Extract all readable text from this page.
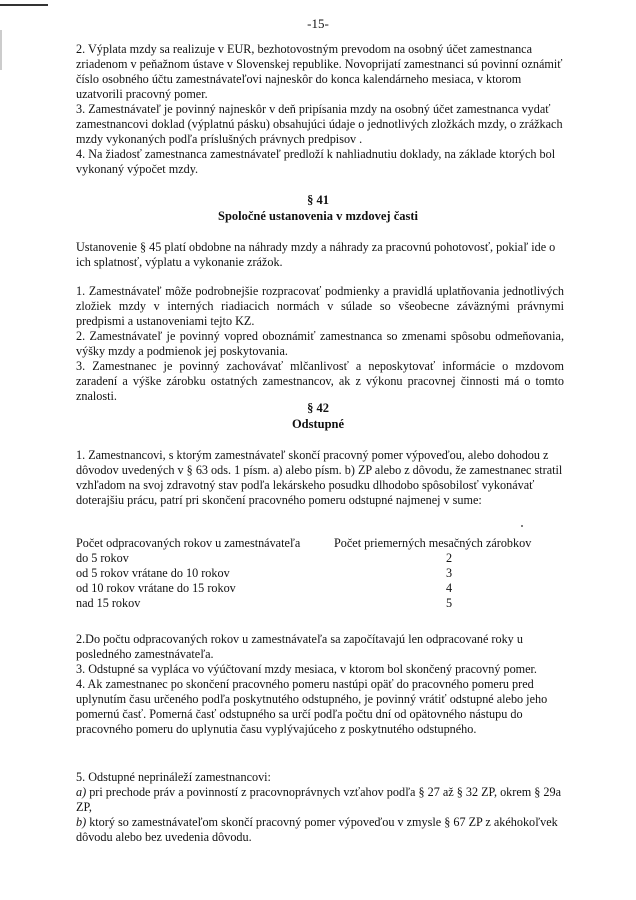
-15-

2. Výplata mzdy sa realizuje v EUR, bezhotovostným prevodom na osobný účet zamestnanca zriadenom v peňažnom ústave v Slovenskej republike. Novoprijatí zamestnanci sú povinní oznámiť číslo osobného účtu zamestnávateľovi najneskôr do konca kalendárneho mesiaca, v ktorom uzatvorili pracovný pomer.

3. Zamestnávateľ je povinný najneskôr v deň pripísania mzdy na osobný účet zamestnanca vydať zamestnancovi doklad (výplatnú pásku) obsahujúci údaje o jednotlivých zložkách mzdy, o zrážkach mzdy vykonaných podľa príslušných právnych predpisov .

4. Na žiadosť zamestnanca zamestnávateľ predloží k nahliadnutiu doklady, na základe ktorých bol vykonaný výpočet mzdy.

§ 41
Spoločné ustanovenia v mzdovej časti

Ustanovenie § 45 platí obdobne na náhrady mzdy a náhrady za pracovnú pohotovosť, pokiaľ ide o ich splatnosť, výplatu a vykonanie zrážok.

1. Zamestnávateľ môže podrobnejšie rozpracovať podmienky a pravidlá uplatňovania jednotlivých zložiek mzdy v interných riadiacich normách v súlade so všeobecne záväznými právnymi predpismi a ustanoveniami tejto KZ.

2. Zamestnávateľ je povinný vopred oboznámiť zamestnanca so zmenami spôsobu odmeňovania, výšky mzdy a podmienok jej poskytovania.

3. Zamestnanec je povinný zachovávať mlčanlivosť a neposkytovať informácie o mzdovom zaradení a výške zárobku ostatných zamestnancov, ak z výkonu pracovnej činnosti má o tomto znalosti.

§ 42
Odstupné

1. Zamestnancovi, s ktorým zamestnávateľ skončí pracovný pomer výpoveďou, alebo dohodou z dôvodov uvedených v § 63 ods. 1 písm. a) alebo písm. b) ZP alebo z dôvodu, že zamestnanec stratil vzhľadom na svoj zdravotný stav podľa lekárskeho posudku dlhodobo spôsobilosť vykonávať doterajšiu prácu, patrí pri skončení pracovného pomeru odstupné najmenej v sume:

Počet odpracovaných rokov u zamestnávateľa	Počet priemerných mesačných zárobkov
do 5 rokov	2
od 5 rokov vrátane do 10 rokov	3
od 10 rokov vrátane do 15 rokov	4
nad 15 rokov	5

2.Do počtu odpracovaných rokov u zamestnávateľa sa započítavajú len odpracované roky u posledného zamestnávateľa.

3. Odstupné sa vypláca vo výúčtovaní mzdy mesiaca, v ktorom bol skončený pracovný pomer.

4. Ak zamestnanec po skončení pracovného pomeru nastúpi opäť do pracovného pomeru pred uplynutím času určeného podľa poskytnutého odstupného, je povinný vrátiť odstupné alebo jeho pomernú časť. Pomerná časť odstupného sa určí podľa počtu dní od opätovného nástupu do pracovného pomeru do uplynutia času vyplývajúceho z poskytnutého odstupného.

5. Odstupné neprináleží zamestnancovi:

a) pri prechode práv a povinností z pracovnoprávnych vzťahov podľa § 27 až § 32 ZP, okrem § 29a ZP,

b) ktorý so zamestnávateľom skončí pracovný pomer výpoveďou v zmysle § 67 ZP z akéhokoľvek dôvodu alebo bez uvedenia dôvodu.
